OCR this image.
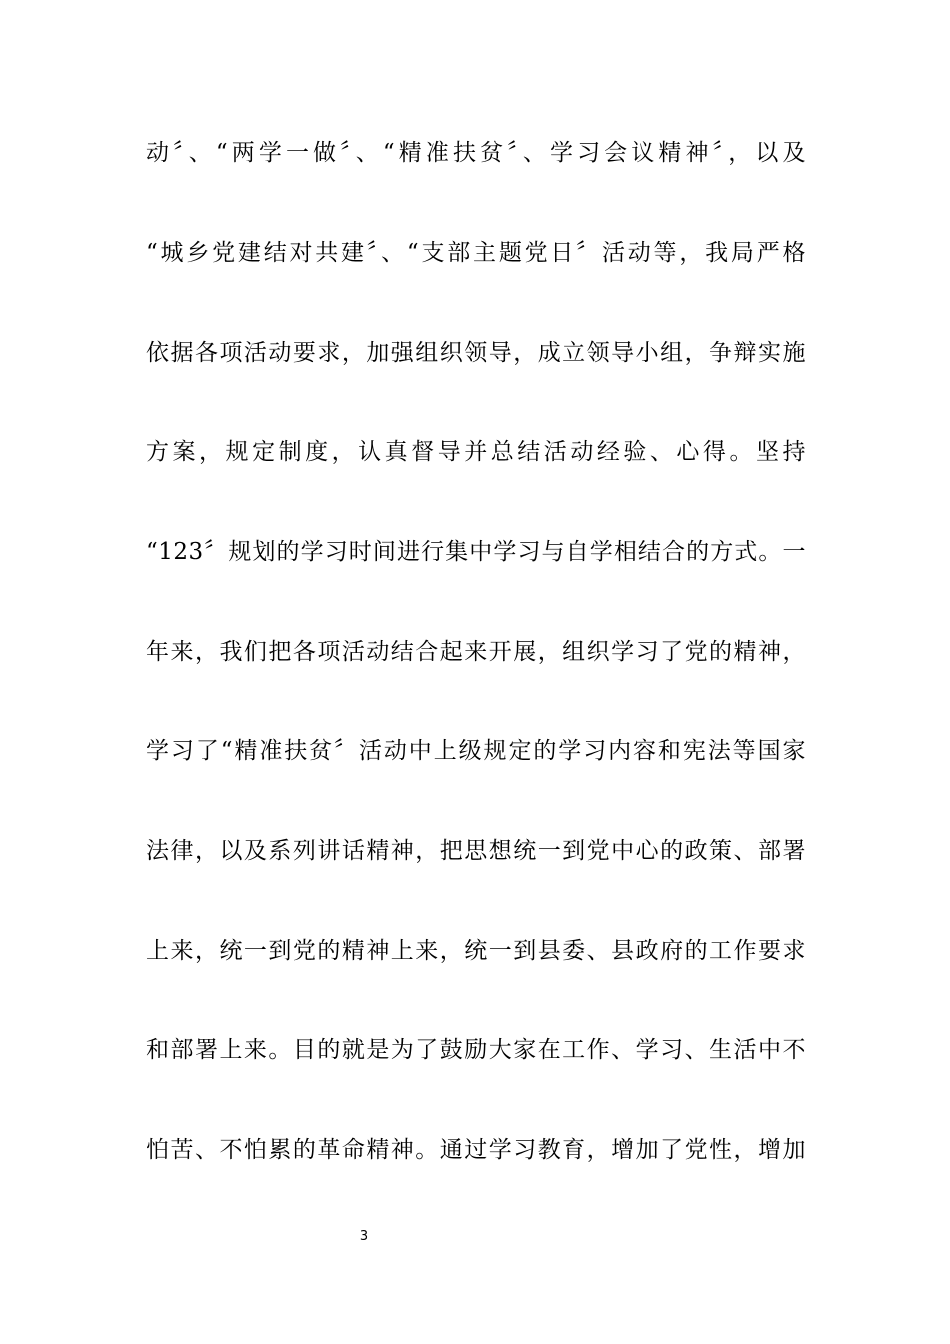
动〞、“两学一做〞、“精准扶贫〞、学习会议精神〞，以及
“城乡党建结对共建〞、“支部主题党日〞活动等，我局严格
依据各项活动要求，加强组织领导，成立领导小组，争辩实施
方案，规定制度，认真督导并总结活动经验、心得。坚持
“123〞规划的学习时间进行集中学习与自学相结合的方式。一
年来，我们把各项活动结合起来开展，组织学习了党的精神，
学习了“精准扶贫〞活动中上级规定的学习内容和宪法等国家
法律，以及系列讲话精神，把思想统一到党中心的政策、部署
上来，统一到党的精神上来，统一到县委、县政府的工作要求
和部署上来。目的就是为了鼓励大家在工作、学习、生活中不
怕苦、不怕累的革命精神。通过学习教育，增加了党性，增加
3
